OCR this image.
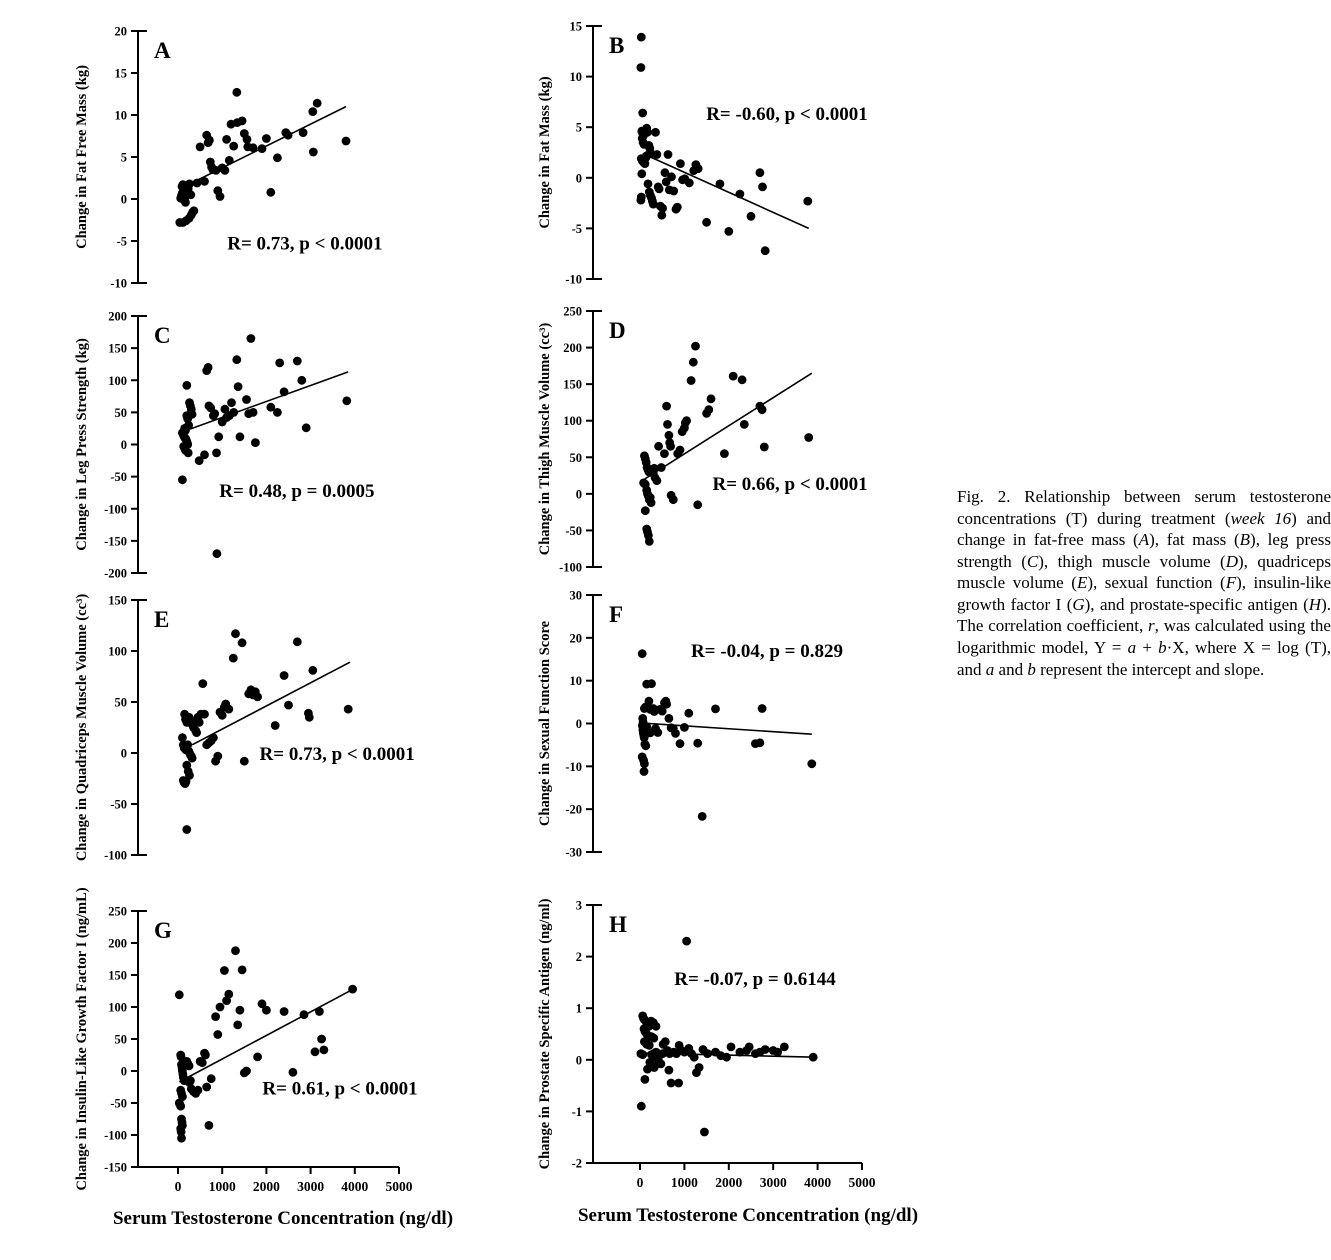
20
15
10
5
0
-5
-10
Change in Fat Free Mass (kg)
A
R= 0.73, p < 0.0001
15
10
5
0
-5
-10
Change in Fat Mass (kg)
B
R= -0.60, p < 0.0001
200
150
100
50
0
-50
-100
-150
-200
Change in Leg Press Strength (kg)
C
R= 0.48, p = 0.0005
250
200
150
100
50
0
-50
-100
Change in Thigh Muscle Volume (cc³) D
R= 0.66, p < 0.0001
150
100
50
0
-50
-100
Change in Quadriceps Muscle Volume (cc³)	E
R= 0.73, p < 0.0001
30
20
10
0
-10
-20
-30
Change in Sexual Function Score
F
R= -0.04, p = 0.829
250
200
150
100
50
0
-50
-100
-150
Change in Insulin-Like Growth Factor I (ng/mL)	0 1000 2000 3000 4000 5000
G
R= 0.61, p < 0.0001
3
2
1
0
-1
-2
Change in Prostate Specific Antigen (ng/ml)
0 1000 2000 3000 4000 5000
H
R= -0.07, p = 0.6144
Serum Testosterone Concentration (ng/dl)	Serum Testosterone Concentration (ng/dl)
Fig. 2. Relationship between serum testosterone concentrations (T) during treatment (week 16) and change in fat-free mass (A), fat mass (B), leg press strength (C), thigh muscle volume (D), quadriceps muscle volume (E), sexual function (F), insulin-like growth factor I (G), and prostate-specific antigen (H). The correlation coefficient, r, was calculated using the logarithmic model, Y = a + b·X, where X = log (T), and a and b represent the intercept and slope.
